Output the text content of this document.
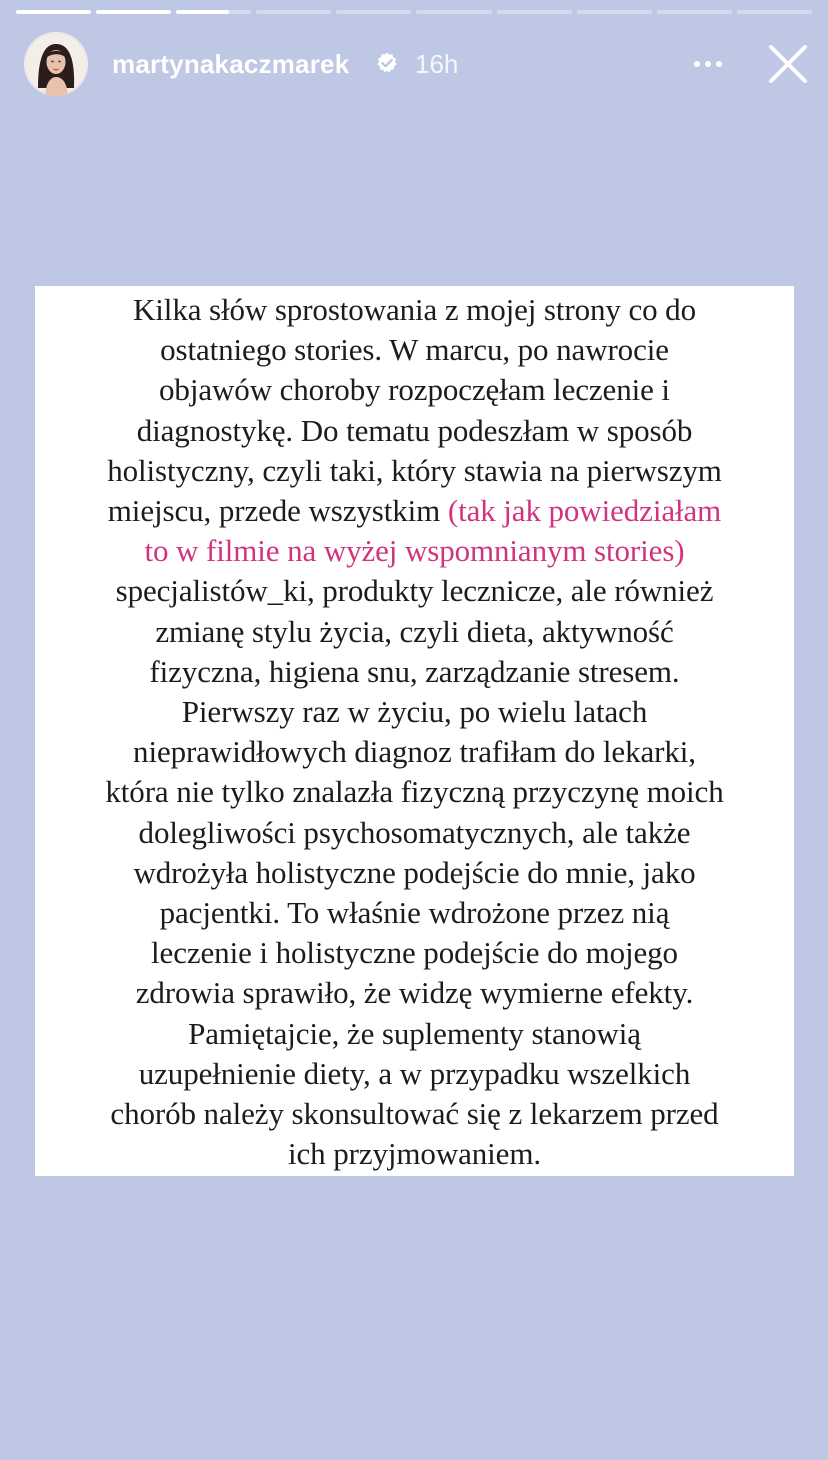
martynakaczmarek	16h

Kilka słów sprostowania z mojej strony co do
ostatniego stories. W marcu, po nawrocie
objawów choroby rozpoczęłam leczenie i
diagnostykę. Do tematu podeszłam w sposób
holistyczny, czyli taki, który stawia na pierwszym
miejscu, przede wszystkim (tak jak powiedziałam
to w filmie na wyżej wspomnianym stories)
specjalistów_ki, produkty lecznicze, ale również
zmianę stylu życia, czyli dieta, aktywność
fizyczna, higiena snu, zarządzanie stresem.
Pierwszy raz w życiu, po wielu latach
nieprawidłowych diagnoz trafiłam do lekarki,
która nie tylko znalazła fizyczną przyczynę moich
dolegliwości psychosomatycznych, ale także
wdrożyła holistyczne podejście do mnie, jako
pacjentki. To właśnie wdrożone przez nią
leczenie i holistyczne podejście do mojego
zdrowia sprawiło, że widzę wymierne efekty.
Pamiętajcie, że suplementy stanowią
uzupełnienie diety, a w przypadku wszelkich
chorób należy skonsultować się z lekarzem przed
ich przyjmowaniem.
